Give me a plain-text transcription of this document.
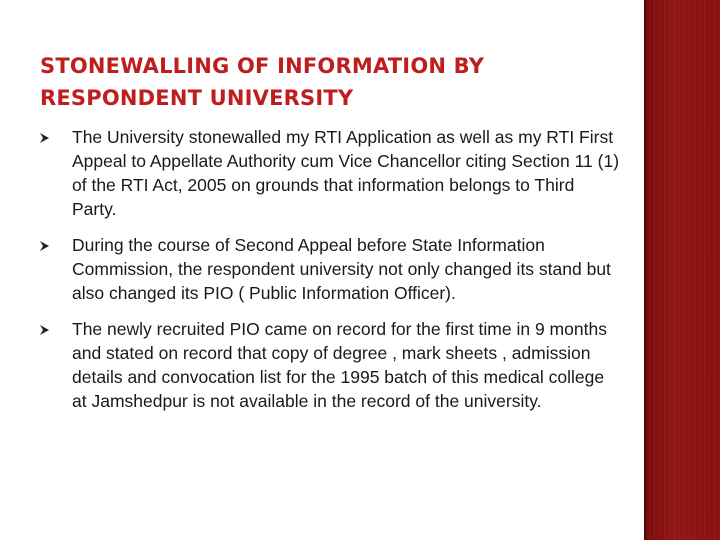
STONEWALLING OF INFORMATION BY RESPONDENT UNIVERSITY
The University stonewalled my RTI Application as well as my RTI First Appeal to Appellate Authority cum Vice Chancellor citing Section 11 (1) of the RTI Act, 2005 on grounds that information belongs to Third Party.
During the course of Second Appeal before State Information Commission, the respondent university not only changed its stand but also changed its PIO ( Public Information Officer).
The newly recruited PIO came on record for the first time in 9 months and stated on record that copy of degree , mark sheets , admission details and convocation list for the 1995 batch of this medical college at Jamshedpur is not available in the record of the university.
